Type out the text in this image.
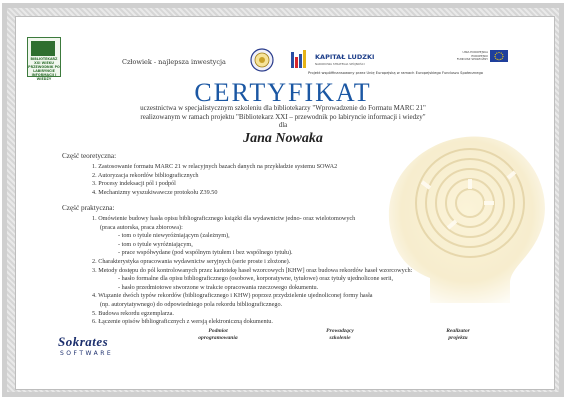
BIBLIOTEKARZ
XXI WIEKU
PRZEWODNIK PO LABIRYNCIE
INFORMACJI I WIEDZY
Człowiek - najlepsza inwestycja
KAPITAŁ LUDZKI
NARODOWA STRATEGIA SPÓJNOŚCI
UNIA EUROPEJSKA
EUROPEJSKI
FUNDUSZ SPOŁECZNY
Projekt współfinansowany przez Unię Europejską w ramach Europejskiego Funduszu Społecznego
CERTYFIKAT
uczestnictwa w specjalistycznym szkoleniu dla bibliotekarzy "Wprowadzenie do Formatu MARC 21"
realizowanym w ramach projektu "Bibliotekarz XXI – przewodnik po labiryncie informacji i wiedzy"
dla
Jana Nowaka
Część teoretyczna:
1. Zastosowanie formatu MARC 21 w relacyjnych bazach danych na przykładzie systemu SOWA2
2. Autoryzacja rekordów bibliograficznych
3. Procesy indeksacji pól i podpól
4. Mechanizmy wyszukiwawcze protokołu Z39.50
Część praktyczna:
1. Omówienie budowy hasła opisu bibliograficznego książki dla wydawnictw jedno- oraz wielotomowych
(praca autorska, praca zbiorowa):
- tom o tytule niewyróżniającym (zależnym),
- tom o tytule wyróżniającym,
- prace współwydane (pod wspólnym tytułem i bez wspólnego tytułu).
2. Charakterystyka opracowania wydawnictw seryjnych (serie proste i złożone).
3. Metody dostępu do pól kontrolowanych przez kartotekę haseł wzorcowych [KHW] oraz budowa rekordów haseł wzorcowych:
- hasło formalne dla opisu bibliograficznego (osobowe, korporatywne, tytułowe) oraz tytuły ujednolicone serii,
- hasło przedmiotowe stworzone w trakcie opracowania rzeczowego dokumentu.
4. Wiązanie dwóch typów rekordów (bibliograficznego i KHW) poprzez przydzielenie ujednoliconej formy hasła
(np. autorytatywnego) do odpowiedniego pola rekordu bibliograficznego.
5. Budowa rekordu egzemplarza.
6. Łączenie opisów bibliograficznych z wersją elektroniczną dokumentu.
Sokrates
SOFTWARE
Podmiot
oprogramowania
Prowadzący
szkolenie
Realizator
projektu
